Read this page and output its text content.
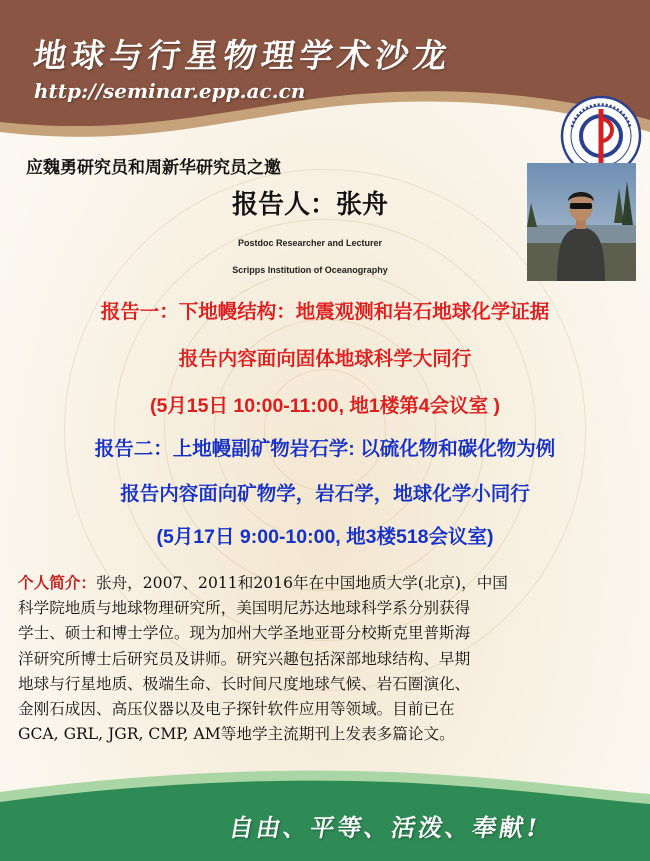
地球与行星物理学术沙龙
http://seminar.epp.ac.cn
应魏勇研究员和周新华研究员之邀
报告人：张舟
Postdoc Researcher and Lecturer
Scripps Institution of Oceanography
报告一：下地幔结构：地震观测和岩石地球化学证据
报告内容面向固体地球科学大同行
(5月15日 10:00-11:00, 地1楼第4会议室 )
报告二：上地幔副矿物岩石学: 以硫化物和碳化物为例
报告内容面向矿物学，岩石学，地球化学小同行
(5月17日 9:00-10:00, 地3楼518会议室)
个人简介：张舟，2007、2011和2016年在中国地质大学(北京)，中国
科学院地质与地球物理研究所，美国明尼苏达地球科学系分别获得
学士、硕士和博士学位。现为加州大学圣地亚哥分校斯克里普斯海
洋研究所博士后研究员及讲师。研究兴趣包括深部地球结构、早期
地球与行星地质、极端生命、长时间尺度地球气候、岩石圈演化、
金刚石成因、高压仪器以及电子探针软件应用等领域。目前已在
GCA, GRL, JGR, CMP, AM等地学主流期刊上发表多篇论文。
自由、平等、活泼、奉献!
